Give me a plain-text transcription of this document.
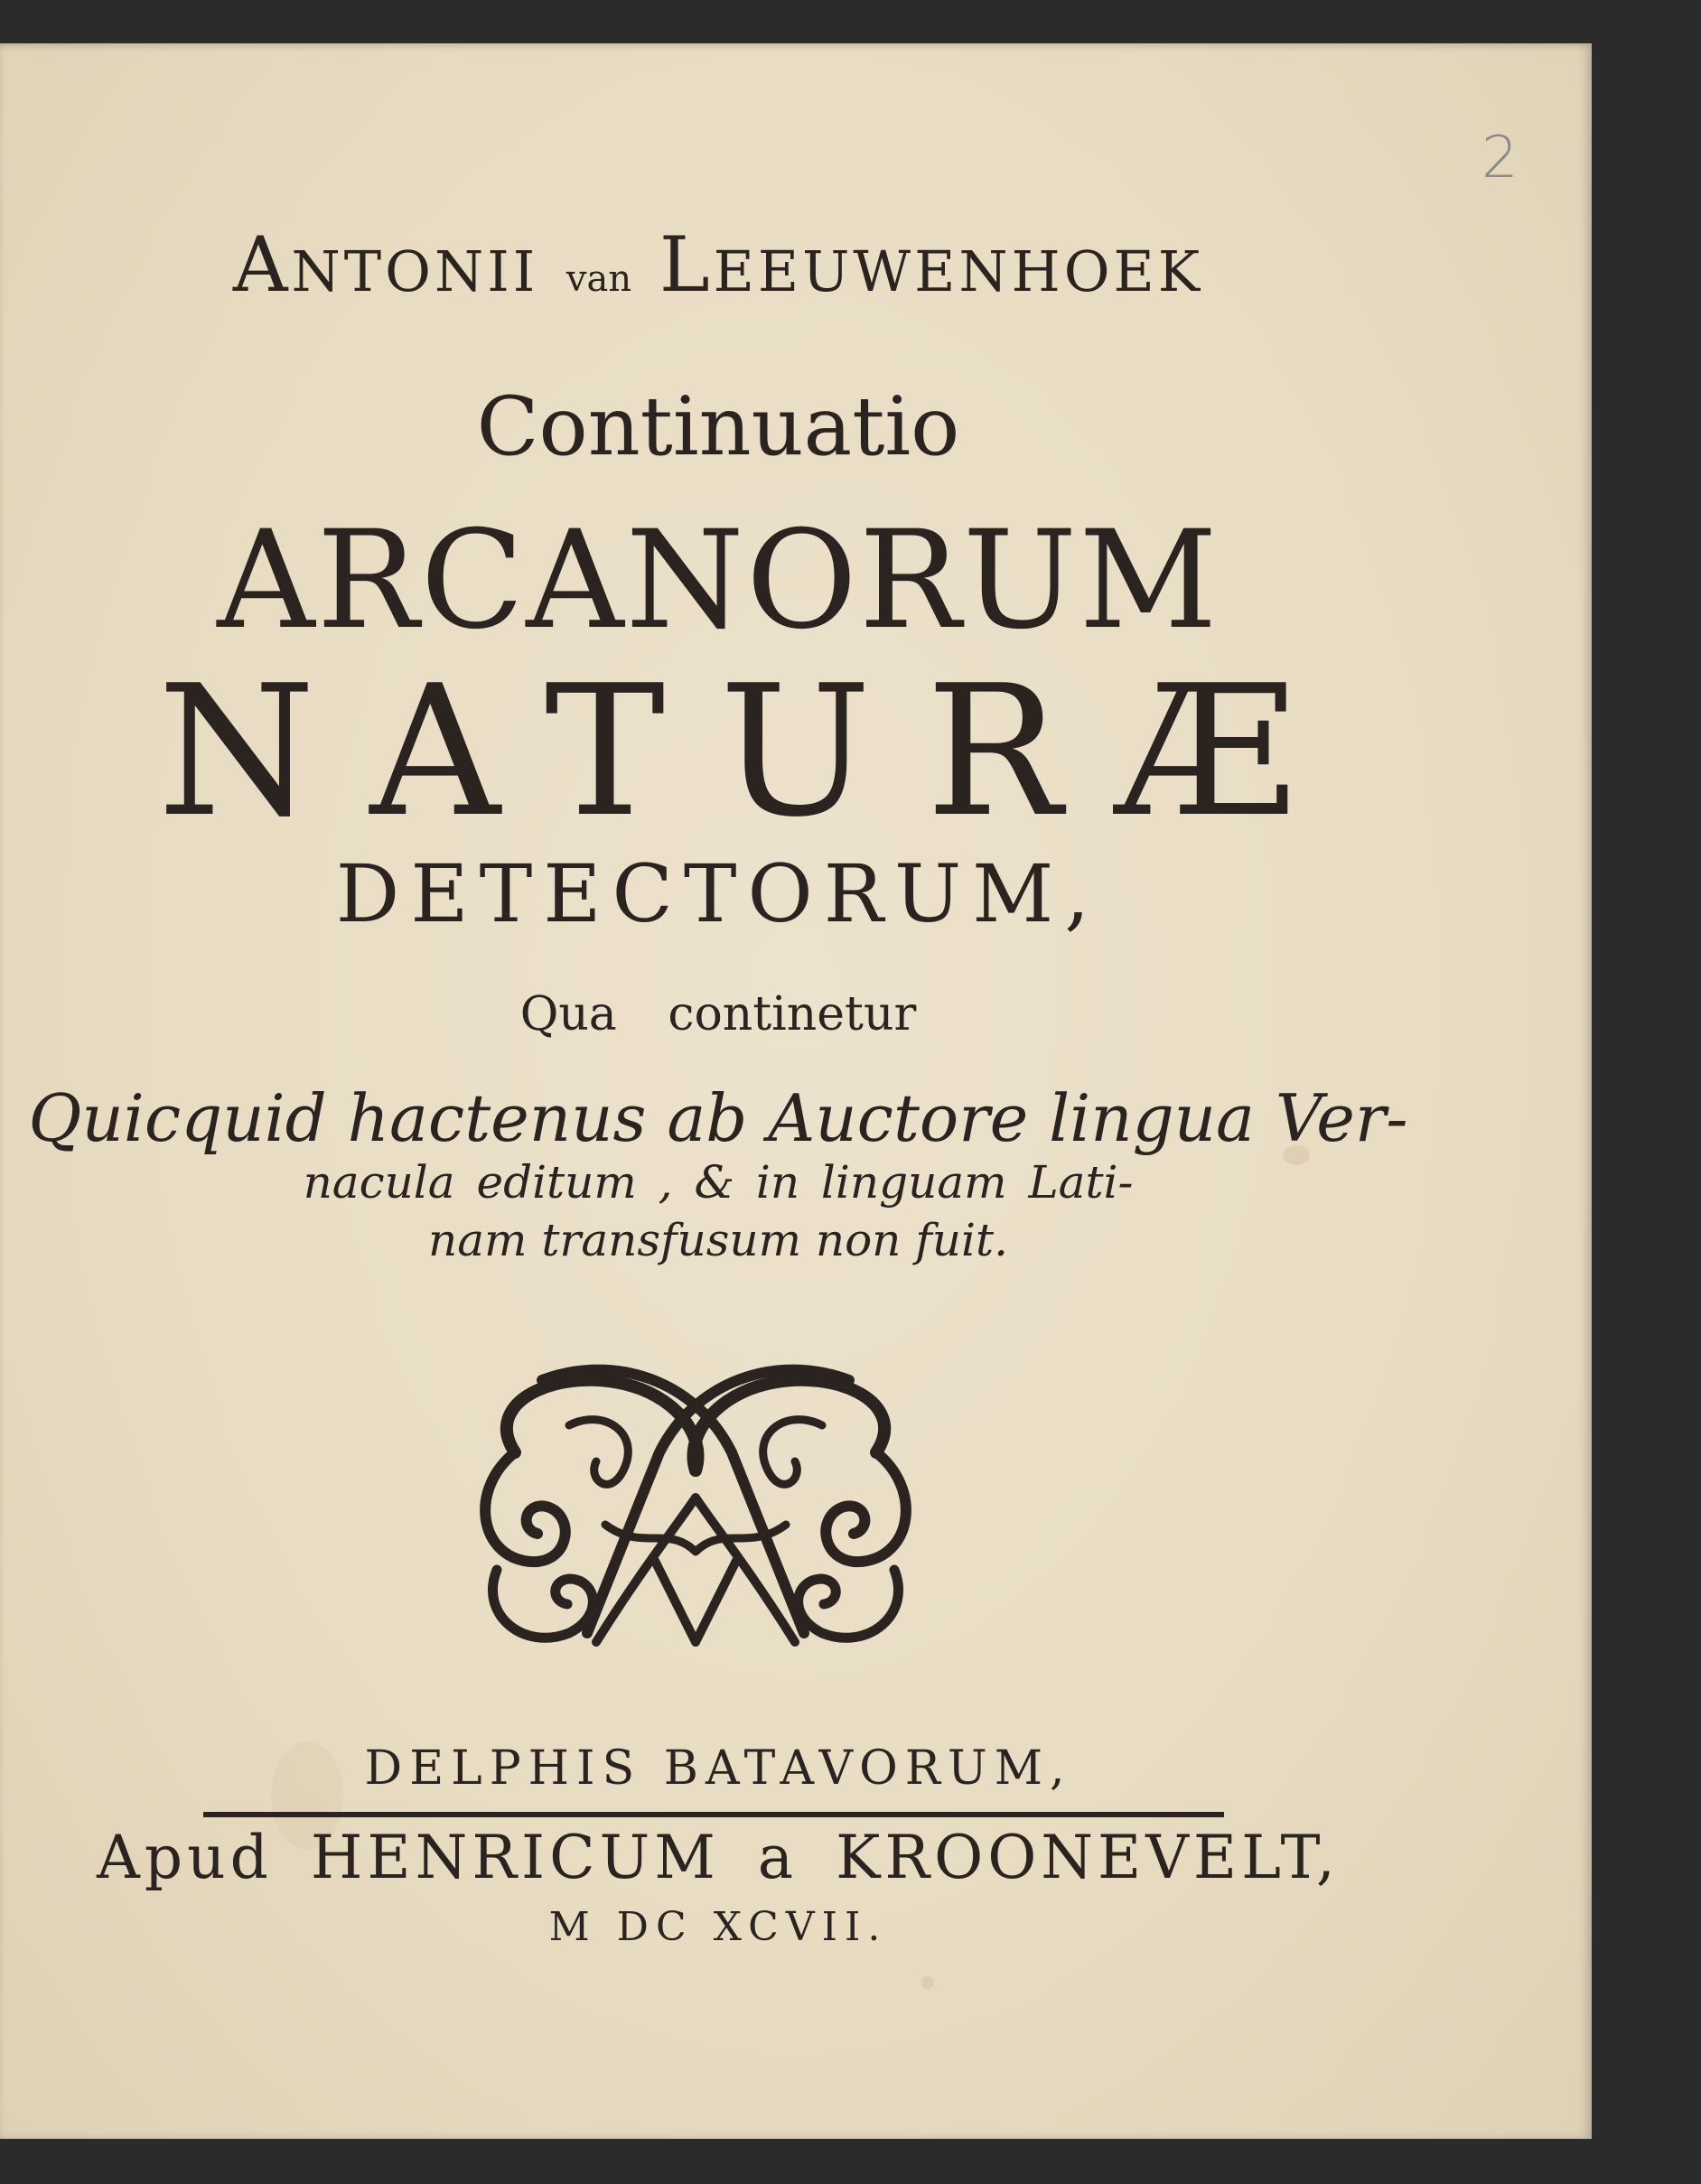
2
ANTONII van LEEUWENHOEK
Continuatio
ARCANORUM
NATURÆ
DETECTORUM,
Qua continetur
Quicquid hactenus ab Auctore lingua Ver-
nacula editum , & in linguam Lati-
nam transfusum non fuit.
DELPHIS BATAVORUM,
Apud HENRICUM a KROONEVELT,
M DC XCVII.
